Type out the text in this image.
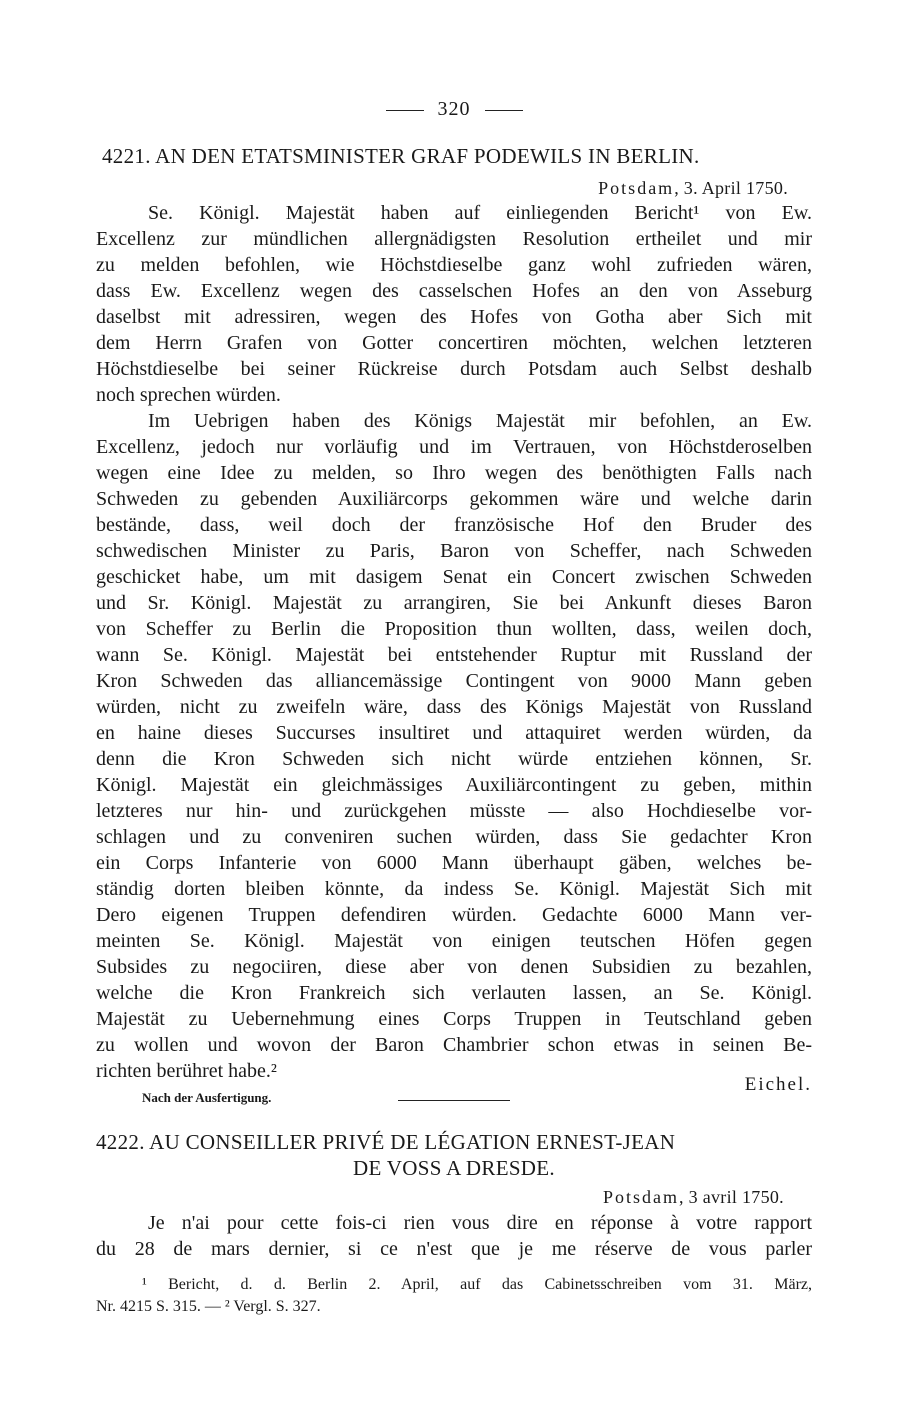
320
4221. AN DEN ETATSMINISTER GRAF PODEWILS IN BERLIN.
Potsdam, 3. April 1750.
Se. Königl. Majestät haben auf einliegenden Bericht¹ von Ew.
Excellenz zur mündlichen allergnädigsten Resolution ertheilet und mir
zu melden befohlen, wie Höchstdieselbe ganz wohl zufrieden wären,
dass Ew. Excellenz wegen des casselschen Hofes an den von Asseburg
daselbst mit adressiren, wegen des Hofes von Gotha aber Sich mit
dem Herrn Grafen von Gotter concertiren möchten, welchen letzteren
Höchstdieselbe bei seiner Rückreise durch Potsdam auch Selbst deshalb
noch sprechen würden.
Im Uebrigen haben des Königs Majestät mir befohlen, an Ew.
Excellenz, jedoch nur vorläufig und im Vertrauen, von Höchstderoselben
wegen eine Idee zu melden, so Ihro wegen des benöthigten Falls nach
Schweden zu gebenden Auxiliärcorps gekommen wäre und welche darin
bestände, dass, weil doch der französische Hof den Bruder des
schwedischen Minister zu Paris, Baron von Scheffer, nach Schweden
geschicket habe, um mit dasigem Senat ein Concert zwischen Schweden
und Sr. Königl. Majestät zu arrangiren, Sie bei Ankunft dieses Baron
von Scheffer zu Berlin die Proposition thun wollten, dass, weilen doch,
wann Se. Königl. Majestät bei entstehender Ruptur mit Russland der
Kron Schweden das alliancemässige Contingent von 9000 Mann geben
würden, nicht zu zweifeln wäre, dass des Königs Majestät von Russland
en haine dieses Succurses insultiret und attaquiret werden würden, da
denn die Kron Schweden sich nicht würde entziehen können, Sr.
Königl. Majestät ein gleichmässiges Auxiliärcontingent zu geben, mithin
letzteres nur hin- und zurückgehen müsste — also Hochdieselbe vor-
schlagen und zu conveniren suchen würden, dass Sie gedachter Kron
ein Corps Infanterie von 6000 Mann überhaupt gäben, welches be-
ständig dorten bleiben könnte, da indess Se. Königl. Majestät Sich mit
Dero eigenen Truppen defendiren würden. Gedachte 6000 Mann ver-
meinten Se. Königl. Majestät von einigen teutschen Höfen gegen
Subsides zu negociiren, diese aber von denen Subsidien zu bezahlen,
welche die Kron Frankreich sich verlauten lassen, an Se. Königl.
Majestät zu Uebernehmung eines Corps Truppen in Teutschland geben
zu wollen und wovon der Baron Chambrier schon etwas in seinen Be-
richten berühret habe.²
Eichel.
Nach der Ausfertigung.
4222. AU CONSEILLER PRIVÉ DE LÉGATION ERNEST-JEAN
DE VOSS A DRESDE.
Potsdam, 3 avril 1750.
Je n'ai pour cette fois-ci rien vous dire en réponse à votre rapport
du 28 de mars dernier, si ce n'est que je me réserve de vous parler
¹ Bericht, d. d. Berlin 2. April, auf das Cabinetsschreiben vom 31. März,
Nr. 4215 S. 315. — ² Vergl. S. 327.
